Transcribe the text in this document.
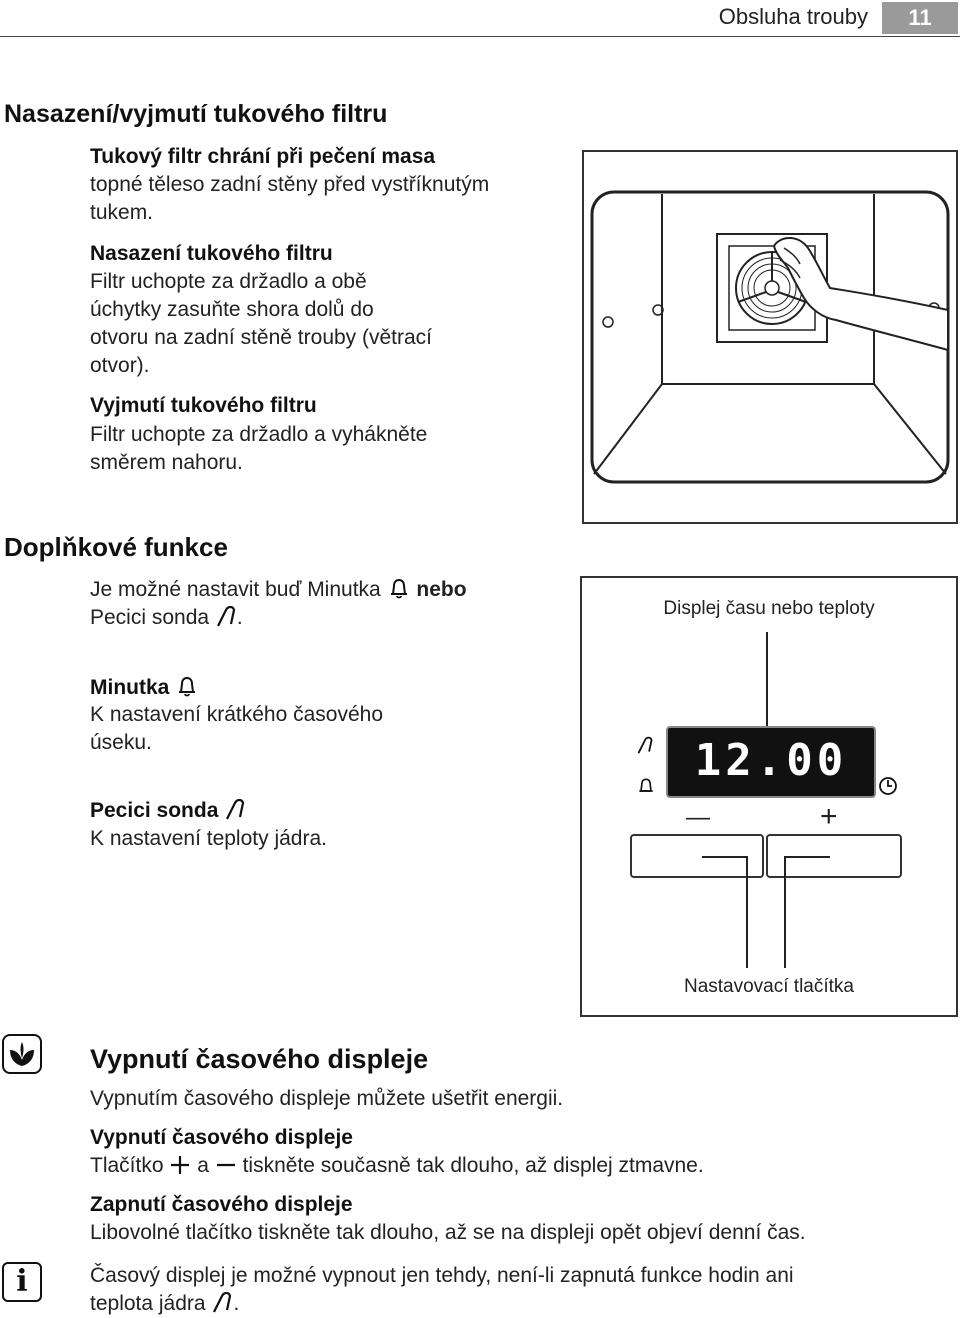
Obsluha trouby	11
Nasazení/vyjmutí tukového filtru
Tukový filtr chrání při pečení masa
topné těleso zadní stěny před vystříknutým
tukem.
Nasazení tukového filtru
Filtr uchopte za držadlo a obě
úchytky zasuňte shora dolů do
otvoru na zadní stěně trouby (větrací
otvor).
Vyjmutí tukového filtru
Filtr uchopte za držadlo a vyhákněte
směrem nahoru.
Doplňkové funkce
Je možné nastavit buď Minutka nebo
Pecici sonda .
Minutka
K nastavení krátkého časového
úseku.
Pecici sonda
K nastavení teploty jádra.
Displej času nebo teploty
12.00
—	+
Nastavovací tlačítka
Vypnutí časového displeje
Vypnutím časového displeje můžete ušetřit energii.
Vypnutí časového displeje
Tlačítko a tiskněte současně tak dlouho, až displej ztmavne.
Zapnutí časového displeje
Libovolné tlačítko tiskněte tak dlouho, až se na displeji opět objeví denní čas.
i	Časový displej je možné vypnout jen tehdy, není-li zapnutá funkce hodin ani
teplota jádra .
